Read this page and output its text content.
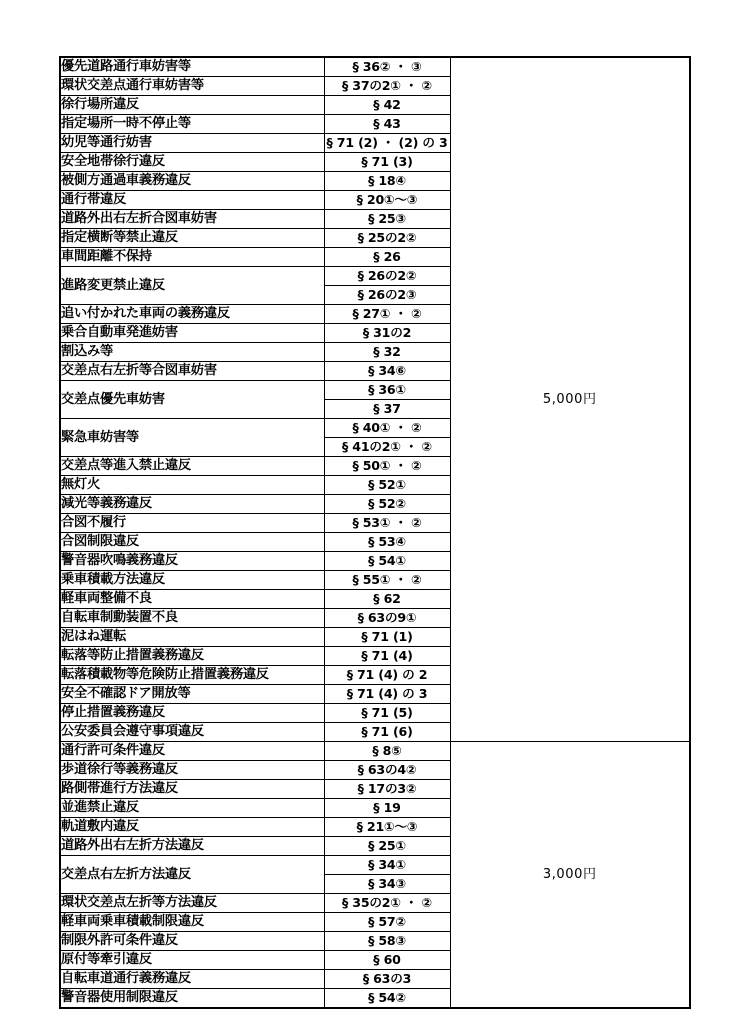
優先道路通行車妨害等	§ 36② ・ ③	5,000円
環状交差点通行車妨害等	§ 37の2① ・ ②	
徐行場所違反	§ 42	
指定場所一時不停止等	§ 43	
幼児等通行妨害	§ 71 (2) ・ (2) の 3	
安全地帯徐行違反	§ 71 (3)	
被側方通過車義務違反	§ 18④	
通行帯違反	§ 20①〜③	
道路外出右左折合図車妨害	§ 25③	
指定横断等禁止違反	§ 25の2②	
車間距離不保持	§ 26	
進路変更禁止違反	§ 26の2②	
	§ 26の2③	
追い付かれた車両の義務違反	§ 27① ・ ②	
乗合自動車発進妨害	§ 31の2	
割込み等	§ 32	
交差点右左折等合図車妨害	§ 34⑥	
交差点優先車妨害	§ 36①	
	§ 37	
緊急車妨害等	§ 40① ・ ②	
	§ 41の2① ・ ②	
交差点等進入禁止違反	§ 50① ・ ②	
無灯火	§ 52①	
減光等義務違反	§ 52②	
合図不履行	§ 53① ・ ②	
合図制限違反	§ 53④	
警音器吹鳴義務違反	§ 54①	
乗車積載方法違反	§ 55① ・ ②	
軽車両整備不良	§ 62	
自転車制動装置不良	§ 63の9①	
泥はね運転	§ 71 (1)	
転落等防止措置義務違反	§ 71 (4)	
転落積載物等危険防止措置義務違反	§ 71 (4) の 2	
安全不確認ドア開放等	§ 71 (4) の 3	
停止措置義務違反	§ 71 (5)	
公安委員会遵守事項違反	§ 71 (6)	
通行許可条件違反	§ 8⑤	3,000円
歩道徐行等義務違反	§ 63の4②	
路側帯進行方法違反	§ 17の3②	
並進禁止違反	§ 19	
軌道敷内違反	§ 21①〜③	
道路外出右左折方法違反	§ 25①	
交差点右左折方法違反	§ 34①	
	§ 34③	
環状交差点左折等方法違反	§ 35の2① ・ ②	
軽車両乗車積載制限違反	§ 57②	
制限外許可条件違反	§ 58③	
原付等牽引違反	§ 60	
自転車道通行義務違反	§ 63の3	
警音器使用制限違反	§ 54②	
